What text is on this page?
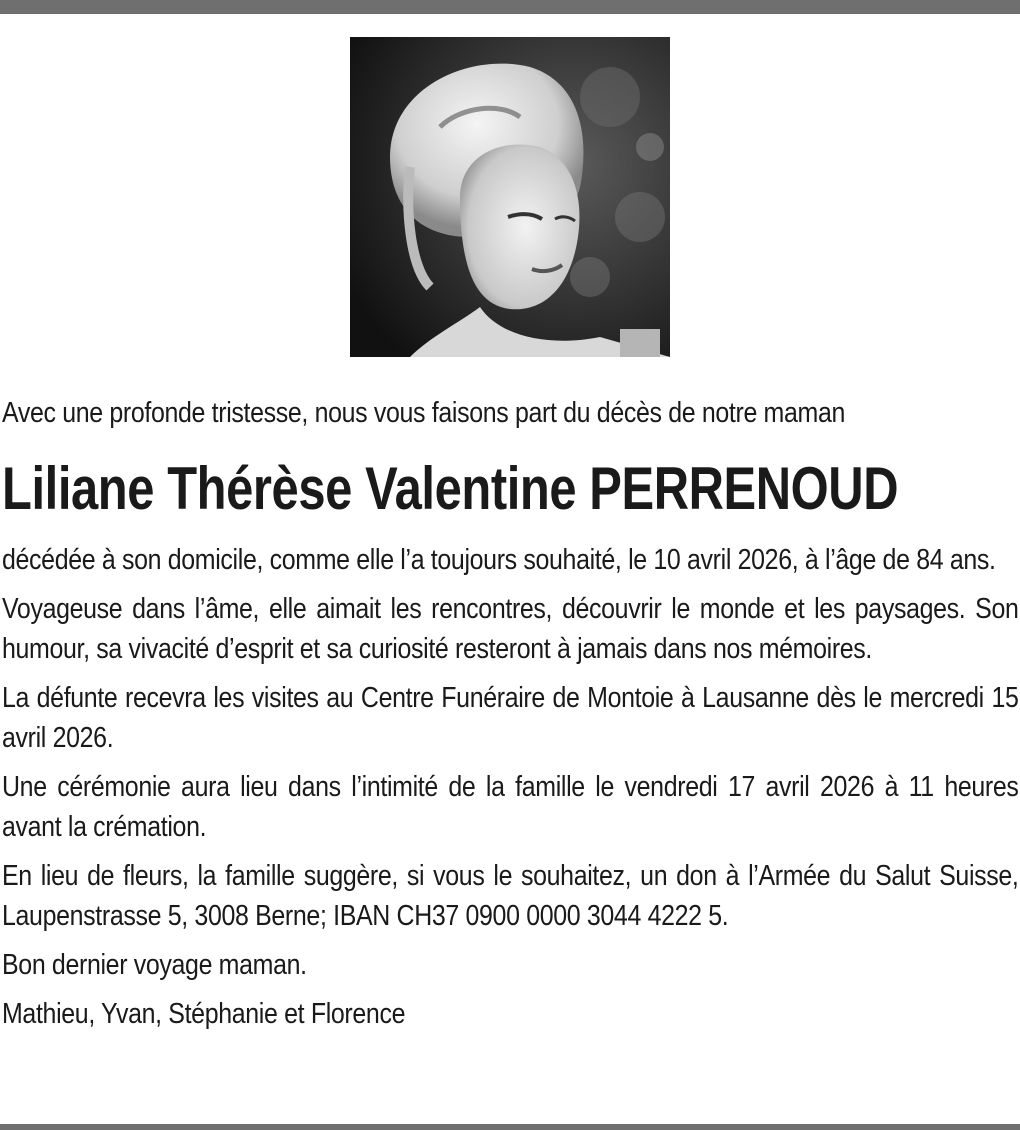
Avec une profonde tristesse, nous vous faisons part du décès de notre maman
Liliane Thérèse Valentine PERRENOUD

décédée à son domicile, comme elle l’a toujours souhaité, le 10 avril 2026, à l’âge de 84 ans.

Voyageuse dans l’âme, elle aimait les rencontres, découvrir le monde et les paysages. Son humour, sa vivacité d’esprit et sa curiosité resteront à jamais dans nos mémoires.

La défunte recevra les visites au Centre Funéraire de Montoie à Lausanne dès le mercredi 15 avril 2026.

Une cérémonie aura lieu dans l’intimité de la famille le vendredi 17 avril 2026 à 11 heures avant la crémation.

En lieu de fleurs, la famille suggère, si vous le souhaitez, un don à l’Armée du Salut Suisse, Laupenstrasse 5, 3008 Berne; IBAN CH37 0900 0000 3044 4222 5.

Bon dernier voyage maman.

Mathieu, Yvan, Stéphanie et Florence
